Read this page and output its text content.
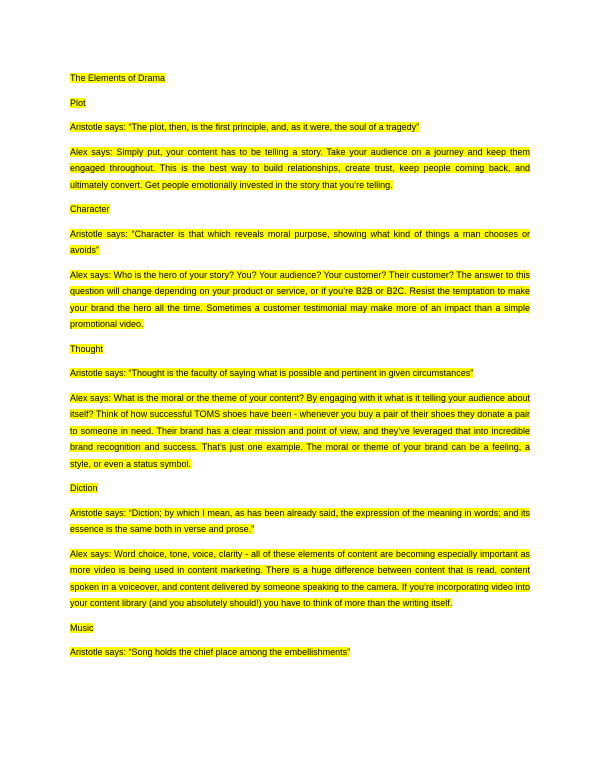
The Elements of Drama

Plot

Aristotle says: “The plot, then, is the first principle, and, as it were, the soul of a tragedy”

Alex says: Simply put, your content has to be telling a story. Take your audience on a journey and keep them engaged throughout. This is the best way to build relationships, create trust, keep people coming back, and ultimately convert. Get people emotionally invested in the story that you’re telling.

Character

Aristotle says: “Character is that which reveals moral purpose, showing what kind of things a man chooses or avoids”

Alex says: Who is the hero of your story? You? Your audience? Your customer? Their customer? The answer to this question will change depending on your product or service, or if you’re B2B or B2C. Resist the temptation to make your brand the hero all the time. Sometimes a customer testimonial may make more of an impact than a simple promotional video.

Thought

Aristotle says: “Thought is the faculty of saying what is possible and pertinent in given circumstances”

Alex says: What is the moral or the theme of your content? By engaging with it what is it telling your audience about itself? Think of how successful TOMS shoes have been - whenever you buy a pair of their shoes they donate a pair to someone in need. Their brand has a clear mission and point of view, and they’ve leveraged that into incredible brand recognition and success. That’s just one example. The moral or theme of your brand can be a feeling, a style, or even a status symbol.

Diction

Aristotle says: “Diction; by which I mean, as has been already said, the expression of the meaning in words; and its essence is the same both in verse and prose.”

Alex says: Word choice, tone, voice, clarity - all of these elements of content are becoming especially important as more video is being used in content marketing. There is a huge difference between content that is read, content spoken in a voiceover, and content delivered by someone speaking to the camera. If you’re incorporating video into your content library (and you absolutely should!) you have to think of more than the writing itself.

Music

Aristotle says: “Song holds the chief place among the embellishments”
